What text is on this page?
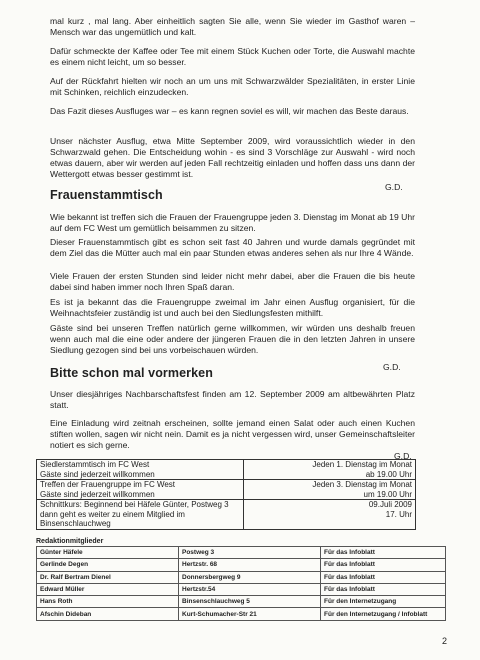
mal kurz , mal lang. Aber einheitlich sagten Sie alle, wenn Sie wieder im Gasthof waren – Mensch war das ungemütlich und kalt.

Dafür schmeckte der Kaffee oder Tee mit einem Stück Kuchen oder Torte, die Auswahl machte es einem nicht leicht, um so besser.

Auf der Rückfahrt hielten wir noch an um uns mit Schwarzwälder Spezialitäten, in erster Linie mit Schinken, reichlich einzudecken.

Das Fazit dieses Ausfluges war – es kann regnen soviel es will, wir machen das Beste daraus.

Unser nächster Ausflug, etwa Mitte September 2009, wird voraussichtlich wieder in den Schwarzwald gehen. Die Entscheidung wohin - es sind 3 Vorschläge zur Auswahl - wird noch etwas dauern, aber wir werden auf jeden Fall rechtzeitig einladen und hoffen dass uns dann der Wettergott etwas besser gestimmt ist.

G.D.

Frauenstammtisch

Wie bekannt ist treffen sich die Frauen der Frauengruppe jeden 3. Dienstag im Monat ab 19 Uhr auf dem FC West um gemütlich beisammen zu sitzen.

Dieser Frauenstammtisch gibt es schon seit fast 40 Jahren und wurde damals gegründet mit dem Ziel das die Mütter auch mal ein paar Stunden etwas anderes sehen als nur Ihre 4 Wände.

Viele Frauen der ersten Stunden sind leider nicht mehr dabei, aber die Frauen die bis heute dabei sind haben immer noch Ihren Spaß daran.

Es ist ja bekannt das die Frauengruppe zweimal im Jahr einen Ausflug organisiert, für die Weihnachtsfeier zuständig ist und auch bei den Siedlungsfesten mithilft.

Gäste sind bei unseren Treffen natürlich gerne willkommen, wir würden uns deshalb freuen wenn auch mal die eine oder andere der jüngeren Frauen die in den letzten Jahren in unsere Siedlung gezogen sind bei uns vorbeischauen würden.

G.D.

Bitte schon mal vormerken

Unser diesjähriges Nachbarschaftsfest finden am 12. September 2009 am altbewährten Platz statt.

Eine Einladung wird zeitnah erscheinen, sollte jemand einen Salat oder auch einen Kuchen stiften wollen, sagen wir nicht nein. Damit es ja nicht vergessen wird, unser Gemeinschaftsleiter notiert es sich gerne.

G.D.

Siedlerstammtisch im FC West
Gäste sind jederzeit willkommen	Jeden 1. Dienstag im Monat
ab 19.00 Uhr
Treffen der Frauengruppe im FC West
Gäste sind jederzeit willkommen	Jeden 3. Dienstag im Monat
um 19.00 Uhr
Schnittkurs: Beginnend bei Häfele Günter, Postweg 3
dann geht es weiter zu einem Mitglied im
Binsenschlauchweg	09.Juli 2009
17. Uhr

Redaktionmitglieder

Günter Häfele	Postweg 3	Für das Infoblatt
Gerlinde Degen	Hertzstr. 68	Für das Infoblatt
Dr. Ralf Bertram Dienel	Donnersbergweg 9	Für das Infoblatt
Edward Müller	Hertzstr.54	Für das Infoblatt
Hans Roth	Binsenschlauchweg 5	Für den Internetzugang
Afschin Dideban	Kurt-Schumacher-Str 21	Für den Internetzugang / Infoblatt

2
